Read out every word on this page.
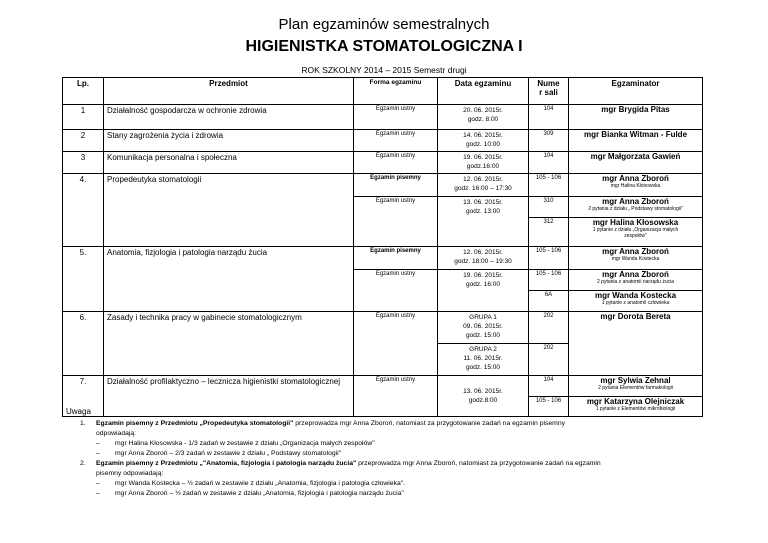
Plan egzaminów semestralnych
HIGIENISTKA STOMATOLOGICZNA I
ROK SZKOLNY 2014 – 2015 Semestr drugi
Lp.	Przedmiot	Forma egzaminu	Data egzaminu	Nume
r sali	Egzaminator
1	Działalność gospodarcza w ochronie zdrowia	Egzamin ustny	20. 06. 2015r.
godz. 8:00	104	mgr Brygida Pitas

2	Stany zagrożenia życia i zdrowia	Egzamin ustny	14. 06. 2015r.
godz. 10:00	309	mgr Bianka Witman - Fulde

3	Komunikacja personalna i społeczna	Egzamin ustny	19. 06. 2015r.
godz.16:00	104	mgr Małgorzata Gawień

4.	Propedeutyka stomatologii	Egzamin pisemny	12. 06. 2015r.
godz. 16:00 – 17:30	105 - 106	mgr Anna Zboroń
mgr Halina Kłosowska

		Egzamin ustny	13. 06. 2015r.
godz. 13:00	310	mgr Anna Zboroń
2 pytania z działu „ Podstawy stomatologii"

				312	mgr Halina Kłosowska
1 pytanie z działu „Organizacja małych
zespołów"

5.	Anatomia, fizjologia i patologia narządu żucia	Egzamin pisemny	12. 06. 2015r.
godz. 18:00 – 19:30	105 - 106	mgr Anna Zboroń
mgr Wanda Kostecka

		Egzamin ustny	19. 06. 2015r.
godz. 16:00	105 - 106	mgr Anna Zboroń
2 pytania z anatomii narządu żucia

				6A	mgr Wanda Kostecka
1 pytanie z anatomii człowieka

6.	Zasady i technika pracy w gabinecie stomatologicznym	Egzamin ustny	GRUPA 1
09. 06. 2015r.
godz. 15:00	202	mgr Dorota Bereta

			GRUPA 2
11. 06. 2015r.
godz. 15:00	202	
7.	Działalność profilaktyczno – lecznicza higienistki stomatologicznej	Egzamin ustny	13. 06. 2015r.
godz.8:00	104	mgr Sylwia Zehnal
2 pytania Elementów farmakologii

				105 - 106	mgr Katarzyna Olejniczak
1 pytanie z Elementów mikrobiologii
Uwaga
1. Egzamin pisemny z Przedmiotu „Propedeutyka stomatologii" przeprowadza mgr Anna Zboroń, natomiast za przygotowanie zadań na egzamin pisemny
odpowiadają:
– mgr Halina Kłosowska - 1/3 zadań w zestawie z działu „Organizacja małych zespołów"
– mgr Anna Zboroń – 2/3 zadań w zestawie z działu „ Podstawy stomatologii"
2. Egzamin pisemny z Przedmiotu „"Anatomia, fizjologia i patologia narządu żucia" przeprowadza mgr Anna Zboroń, natomiast za przygotowanie zadań na egzamin
pisemny odpowiadają:
– mgr Wanda Kostecka – ½ zadań w zestawie z działu „Anatomia, fizjologia i patologia człowieka".
– mgr Anna Zboroń – ½ zadań w zestawie z działu „Anatomia, fizjologia i patologia narządu żucia"
